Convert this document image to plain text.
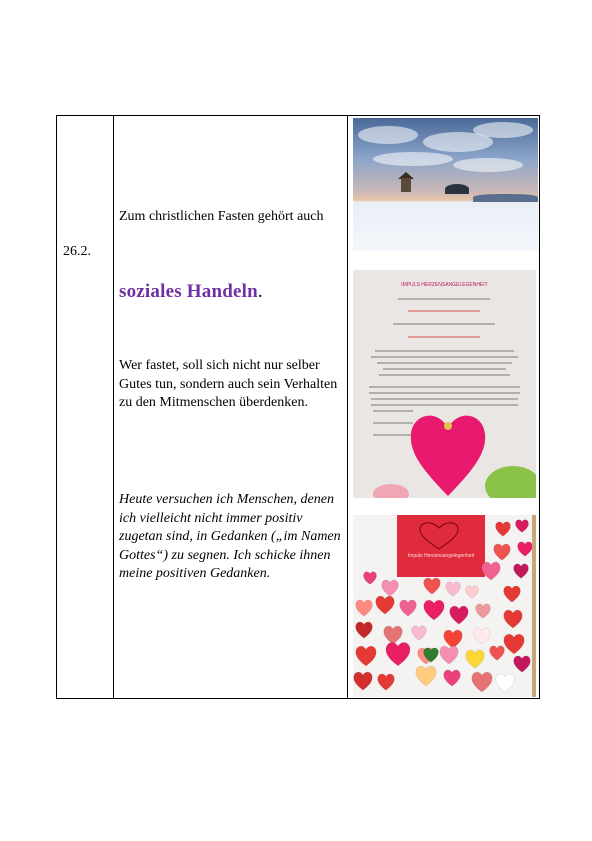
26.2.
Zum christlichen Fasten gehört auch
soziales Handeln.
Wer fastet, soll sich nicht nur selber Gutes tun, sondern auch sein Verhalten zu den Mitmenschen überdenken.
Heute versuchen ich Menschen, denen ich vielleicht nicht immer positiv zugetan sind, in Gedanken („im Namen Gottes“) zu segnen. Ich schicke ihnen meine positiven Gedanken.
IMPULS HERZENSANGELEGENHEIT
Impuls Herzensangelegenheit
